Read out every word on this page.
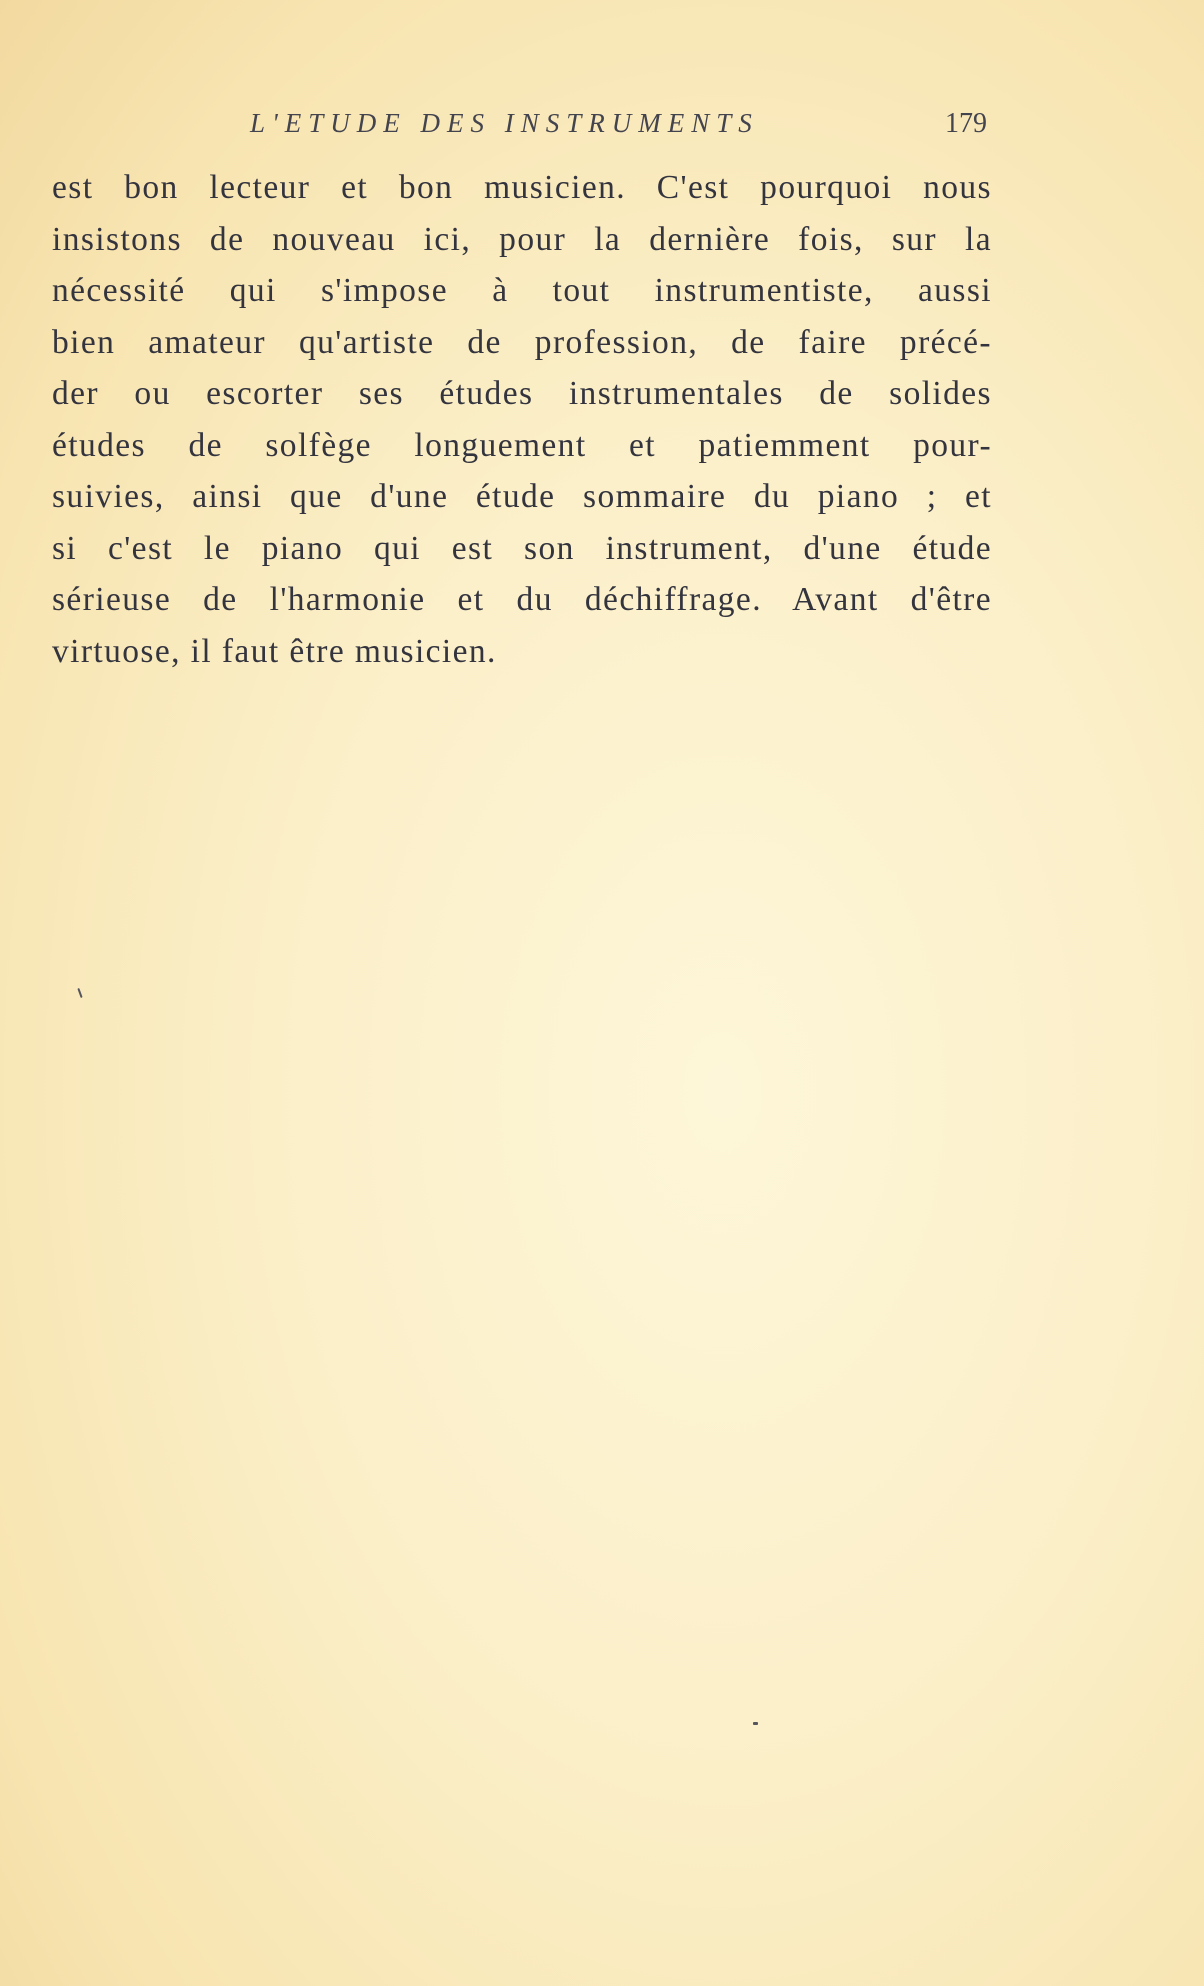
L'ETUDE DES INSTRUMENTS	179
est bon lecteur et bon musicien. C'est pourquoi nous
insistons de nouveau ici, pour la dernière fois, sur la
nécessité qui s'impose à tout instrumentiste, aussi
bien amateur qu'artiste de profession, de faire précé-
der ou escorter ses études instrumentales de solides
études de solfège longuement et patiemment pour-
suivies, ainsi que d'une étude sommaire du piano ; et
si c'est le piano qui est son instrument, d'une étude
sérieuse de l'harmonie et du déchiffrage. Avant d'être
virtuose, il faut être musicien.
